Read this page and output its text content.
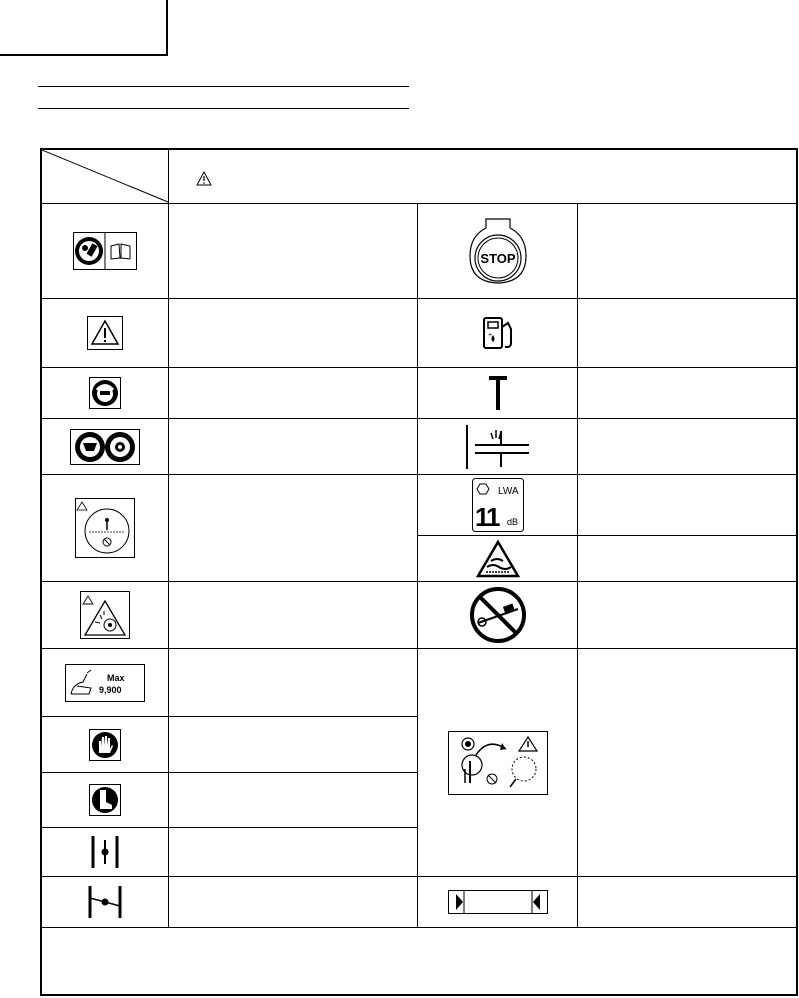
STOP
+
LWA
11 dB
Max
9,900
